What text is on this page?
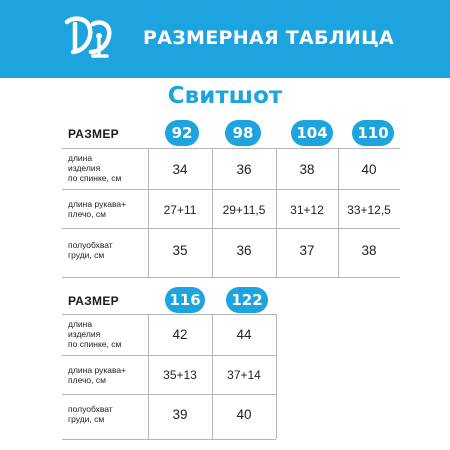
РАЗМЕРНАЯ ТАБЛИЦА
Свитшот
РАЗМЕР	92	98	104	110
длина
изделия
по спинке, см
34	36	38	40
длина рукава+
плечо, см	27+11	29+11,5	31+12	33+12,5
полуобхват
груди, см	35	36	37	38
РАЗМЕР	116	122
длина
изделия
по спинке, см
42	44
длина рукава+
плечо, см	35+13	37+14
полуобхват
груди, см	39	40
